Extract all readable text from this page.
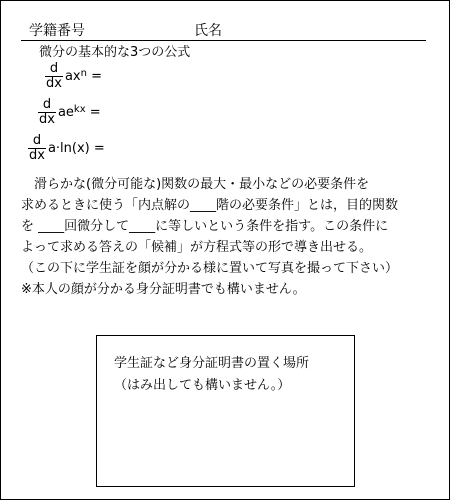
学籍番号	氏名
微分の基本的な3つの公式
$\frac{d}{dx} ax^n$ =
$\frac{d}{dx} ae^{kx}$ =
$\frac{d}{dx} a\cdot\ln(x)$ =
　滑らかな(微分可能な)関数の最大・最小などの必要条件を
求めるときに使う「内点解の____階の必要条件」とは，目的関数
を ____回微分して____に等しいという条件を指す。この条件に
よって求める答えの「候補」が方程式等の形で導き出せる。
（この下に学生証を顔が分かる様に置いて写真を撮って下さい）
※本人の顔が分かる身分証明書でも構いません。
学生証など身分証明書の置く場所
（はみ出しても構いません。）
